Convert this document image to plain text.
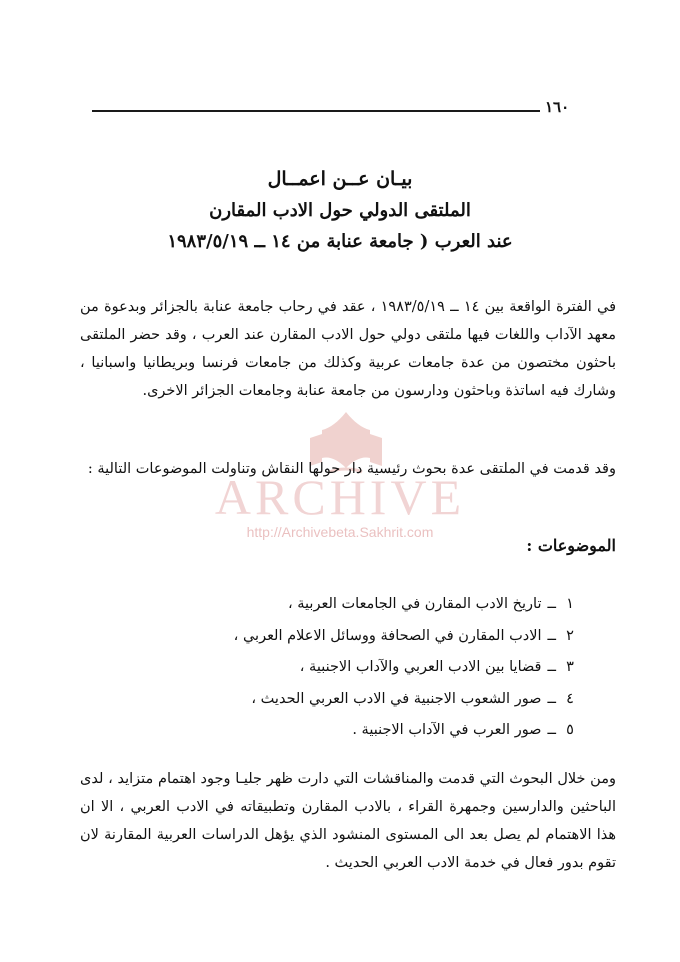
١٦٠
بيـان عــن اعمــال
الملتقى الدولي حول الادب المقارن
عند العرب ( جامعة عنابة من ١٤ ــ ١٩٨٣/٥/١٩

في الفترة الواقعة بين ١٤ ــ ١٩٨٣/٥/١٩ ، عقد في رحاب جامعة عنابة بالجزائر وبدعوة من معهد الآداب واللغات فيها ملتقى دولي حول الادب المقارن عند العرب ، وقد حضر الملتقى باحثون مختصون من عدة جامعات عربية وكذلك من جامعات فرنسا وبريطانيا واسبانيا ، وشارك فيه اساتذة وباحثون ودارسون من جامعة عنابة وجامعات الجزائر الاخرى.

وقد قدمت في الملتقى عدة بحوث رئيسية دار حولها النقاش وتناولت الموضوعات التالية :

ARCHIVE
http://Archivebeta.Sakhrit.com
الموضوعات :
١
ــ
تاريخ الادب المقارن في الجامعات العربية ،
٢
ــ
الادب المقارن في الصحافة ووسائل الاعلام العربي ،
٣
ــ
قضايا بين الادب العربي والآداب الاجنبية ،
٤
ــ
صور الشعوب الاجنبية في الادب العربي الحديث ،
٥
ــ
صور العرب في الآداب الاجنبية .

ومن خلال البحوث التي قدمت والمناقشات التي دارت ظهر جليـا وجود اهتمام متزايد ، لدى الباحثين والدارسين وجمهرة القراء ، بالادب المقارن وتطبيقاته في الادب العربي ، الا ان هذا الاهتمام لم يصل بعد الى المستوى المنشود الذي يؤهل الدراسات العربية المقارنة لان تقوم بدور فعال في خدمة الادب العربي الحديث .
